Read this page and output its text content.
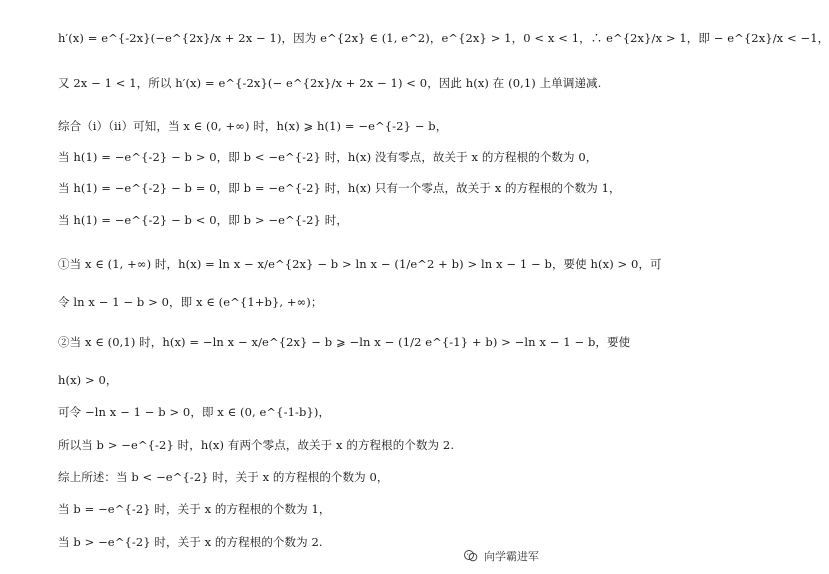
h′(x) = e^{-2x}(−e^{2x}/x + 2x − 1)，因为 e^{2x} ∈ (1, e^2)，e^{2x} > 1，0 < x < 1，∴ e^{2x}/x > 1，即 − e^{2x}/x < −1，
又 2x − 1 < 1，所以 h′(x) = e^{-2x}(− e^{2x}/x + 2x − 1) < 0，因此 h(x) 在 (0,1) 上单调递减.
综合（i）（ii）可知，当 x ∈ (0, +∞) 时，h(x) ⩾ h(1) = −e^{-2} − b，
当 h(1) = −e^{-2} − b > 0，即 b < −e^{-2} 时，h(x) 没有零点，故关于 x 的方程根的个数为 0，
当 h(1) = −e^{-2} − b = 0，即 b = −e^{-2} 时，h(x) 只有一个零点，故关于 x 的方程根的个数为 1，
当 h(1) = −e^{-2} − b < 0，即 b > −e^{-2} 时，
①当 x ∈ (1, +∞) 时，h(x) = ln x − x/e^{2x} − b > ln x − (1/e^2 + b) > ln x − 1 − b，要使 h(x) > 0，可
令 ln x − 1 − b > 0，即 x ∈ (e^{1+b}, +∞)；
②当 x ∈ (0,1) 时，h(x) = −ln x − x/e^{2x} − b ⩾ −ln x − (1/2 e^{-1} + b) > −ln x − 1 − b，要使
h(x) > 0，
可令 −ln x − 1 − b > 0，即 x ∈ (0, e^{-1-b})，
所以当 b > −e^{-2} 时，h(x) 有两个零点，故关于 x 的方程根的个数为 2.
综上所述：当 b < −e^{-2} 时，关于 x 的方程根的个数为 0，
当 b = −e^{-2} 时，关于 x 的方程根的个数为 1，
当 b > −e^{-2} 时，关于 x 的方程根的个数为 2.
向学霸进军
